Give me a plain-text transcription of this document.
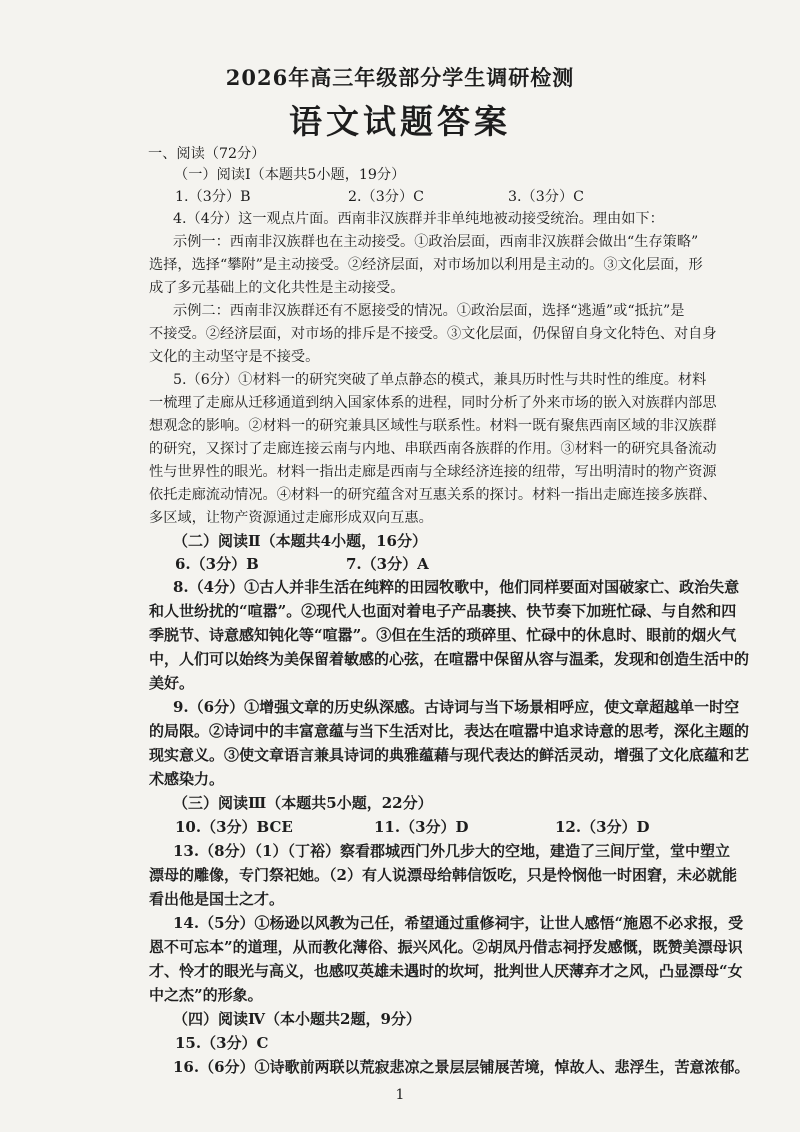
2026年高三年级部分学生调研检测
语文试题答案
一、阅读（72分）
（一）阅读Ⅰ（本题共5小题，19分）
1.（3分）B	2.（3分）C	3.（3分）C
4.（4分）这一观点片面。西南非汉族群并非单纯地被动接受统治。理由如下：
示例一：西南非汉族群也在主动接受。①政治层面，西南非汉族群会做出“生存策略”
选择，选择“攀附”是主动接受。②经济层面，对市场加以利用是主动的。③文化层面，形
成了多元基础上的文化共性是主动接受。
示例二：西南非汉族群还有不愿接受的情况。①政治层面，选择“逃遁”或“抵抗”是
不接受。②经济层面，对市场的排斥是不接受。③文化层面，仍保留自身文化特色、对自身
文化的主动坚守是不接受。
5.（6分）①材料一的研究突破了单点静态的模式，兼具历时性与共时性的维度。材料
一梳理了走廊从迁移通道到纳入国家体系的进程，同时分析了外来市场的嵌入对族群内部思
想观念的影响。②材料一的研究兼具区域性与联系性。材料一既有聚焦西南区域的非汉族群
的研究，又探讨了走廊连接云南与内地、串联西南各族群的作用。③材料一的研究具备流动
性与世界性的眼光。材料一指出走廊是西南与全球经济连接的纽带，写出明清时的物产资源
依托走廊流动情况。④材料一的研究蕴含对互惠关系的探讨。材料一指出走廊连接多族群、
多区域，让物产资源通过走廊形成双向互惠。
（二）阅读Ⅱ（本题共4小题，16分）
6.（3分）B	7.（3分）A
8.（4分）①古人并非生活在纯粹的田园牧歌中，他们同样要面对国破家亡、政治失意
和人世纷扰的“喧嚣”。②现代人也面对着电子产品裹挟、快节奏下加班忙碌、与自然和四
季脱节、诗意感知钝化等“喧嚣”。③但在生活的琐碎里、忙碌中的休息时、眼前的烟火气
中，人们可以始终为美保留着敏感的心弦，在喧嚣中保留从容与温柔，发现和创造生活中的
美好。
9.（6分）①增强文章的历史纵深感。古诗词与当下场景相呼应，使文章超越单一时空
的局限。②诗词中的丰富意蕴与当下生活对比，表达在喧嚣中追求诗意的思考，深化主题的
现实意义。③使文章语言兼具诗词的典雅蕴藉与现代表达的鲜活灵动，增强了文化底蕴和艺
术感染力。
（三）阅读Ⅲ（本题共5小题，22分）
10.（3分）BCE	11.（3分）D	12.（3分）D
13.（8分）（1）（丁裕）察看郡城西门外几步大的空地，建造了三间厅堂，堂中塑立
漂母的雕像，专门祭祀她。（2）有人说漂母给韩信饭吃，只是怜悯他一时困窘，未必就能
看出他是国士之才。
14.（5分）①杨逊以风教为己任，希望通过重修祠宇，让世人感悟“施恩不必求报，受
恩不可忘本”的道理，从而教化薄俗、振兴风化。②胡凤丹借志祠抒发感慨，既赞美漂母识
才、怜才的眼光与高义，也感叹英雄未遇时的坎坷，批判世人厌薄弃才之风，凸显漂母“女
中之杰”的形象。
（四）阅读Ⅳ（本小题共2题，9分）
15.（3分）C
16.（6分）①诗歌前两联以荒寂悲凉之景层层铺展苦境，悼故人、悲浮生，苦意浓郁。
1
